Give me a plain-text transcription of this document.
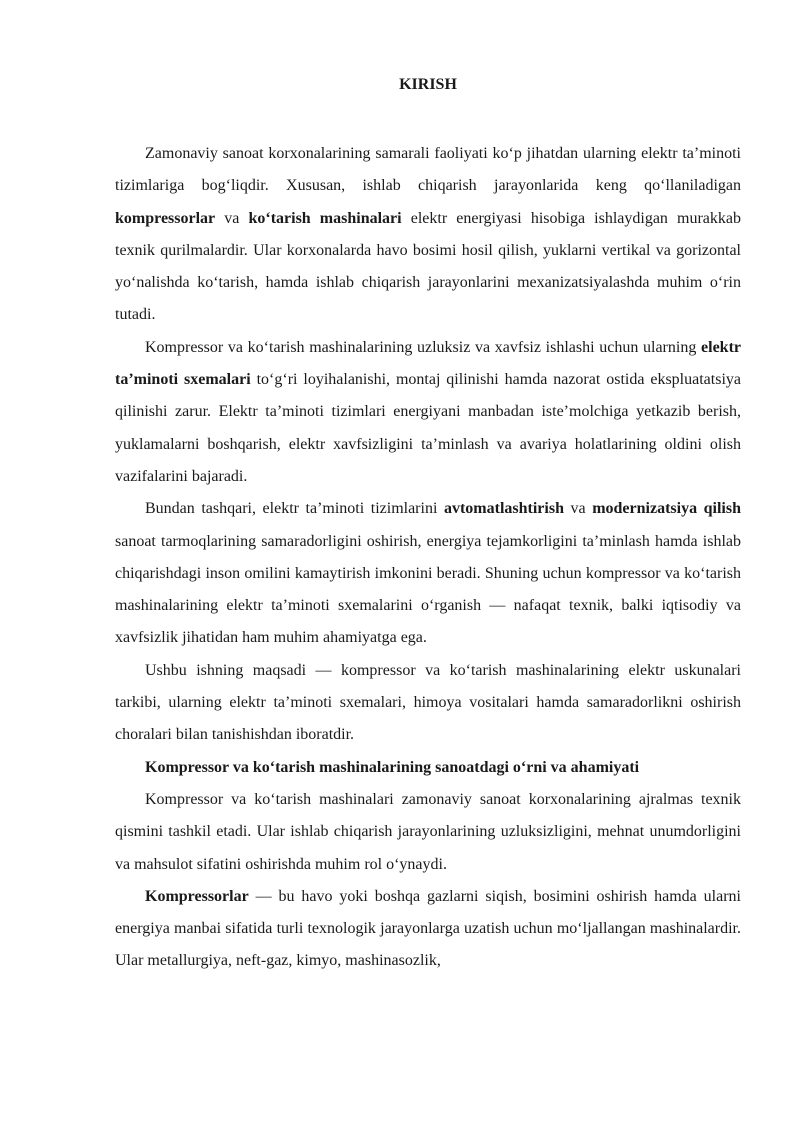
KIRISH

Zamonaviy sanoat korxonalarining samarali faoliyati ko‘p jihatdan ularning elektr ta’minoti tizimlariga bog‘liqdir. Xususan, ishlab chiqarish jarayonlarida keng qo‘llaniladigan kompressorlar va ko‘tarish mashinalari elektr energiyasi hisobiga ishlaydigan murakkab texnik qurilmalardir. Ular korxonalarda havo bosimi hosil qilish, yuklarni vertikal va gorizontal yo‘nalishda ko‘tarish, hamda ishlab chiqarish jarayonlarini mexanizatsiyalashda muhim o‘rin tutadi.

Kompressor va ko‘tarish mashinalarining uzluksiz va xavfsiz ishlashi uchun ularning elektr ta’minoti sxemalari to‘g‘ri loyihalanishi, montaj qilinishi hamda nazorat ostida ekspluatatsiya qilinishi zarur. Elektr ta’minoti tizimlari energiyani manbadan iste’molchiga yetkazib berish, yuklamalarni boshqarish, elektr xavfsizligini ta’minlash va avariya holatlarining oldini olish vazifalarini bajaradi.

Bundan tashqari, elektr ta’minoti tizimlarini avtomatlashtirish va modernizatsiya qilish sanoat tarmoqlarining samaradorligini oshirish, energiya tejamkorligini ta’minlash hamda ishlab chiqarishdagi inson omilini kamaytirish imkonini beradi. Shuning uchun kompressor va ko‘tarish mashinalarining elektr ta’minoti sxemalarini o‘rganish — nafaqat texnik, balki iqtisodiy va xavfsizlik jihatidan ham muhim ahamiyatga ega.

Ushbu ishning maqsadi — kompressor va ko‘tarish mashinalarining elektr uskunalari tarkibi, ularning elektr ta’minoti sxemalari, himoya vositalari hamda samaradorlikni oshirish choralari bilan tanishishdan iboratdir.

Kompressor va ko‘tarish mashinalarining sanoatdagi o‘rni va ahamiyati

Kompressor va ko‘tarish mashinalari zamonaviy sanoat korxonalarining ajralmas texnik qismini tashkil etadi. Ular ishlab chiqarish jarayonlarining uzluksizligini, mehnat unumdorligini va mahsulot sifatini oshirishda muhim rol o‘ynaydi.

Kompressorlar — bu havo yoki boshqa gazlarni siqish, bosimini oshirish hamda ularni energiya manbai sifatida turli texnologik jarayonlarga uzatish uchun mo‘ljallangan mashinalardir. Ular metallurgiya, neft-gaz, kimyo, mashinasozlik,
